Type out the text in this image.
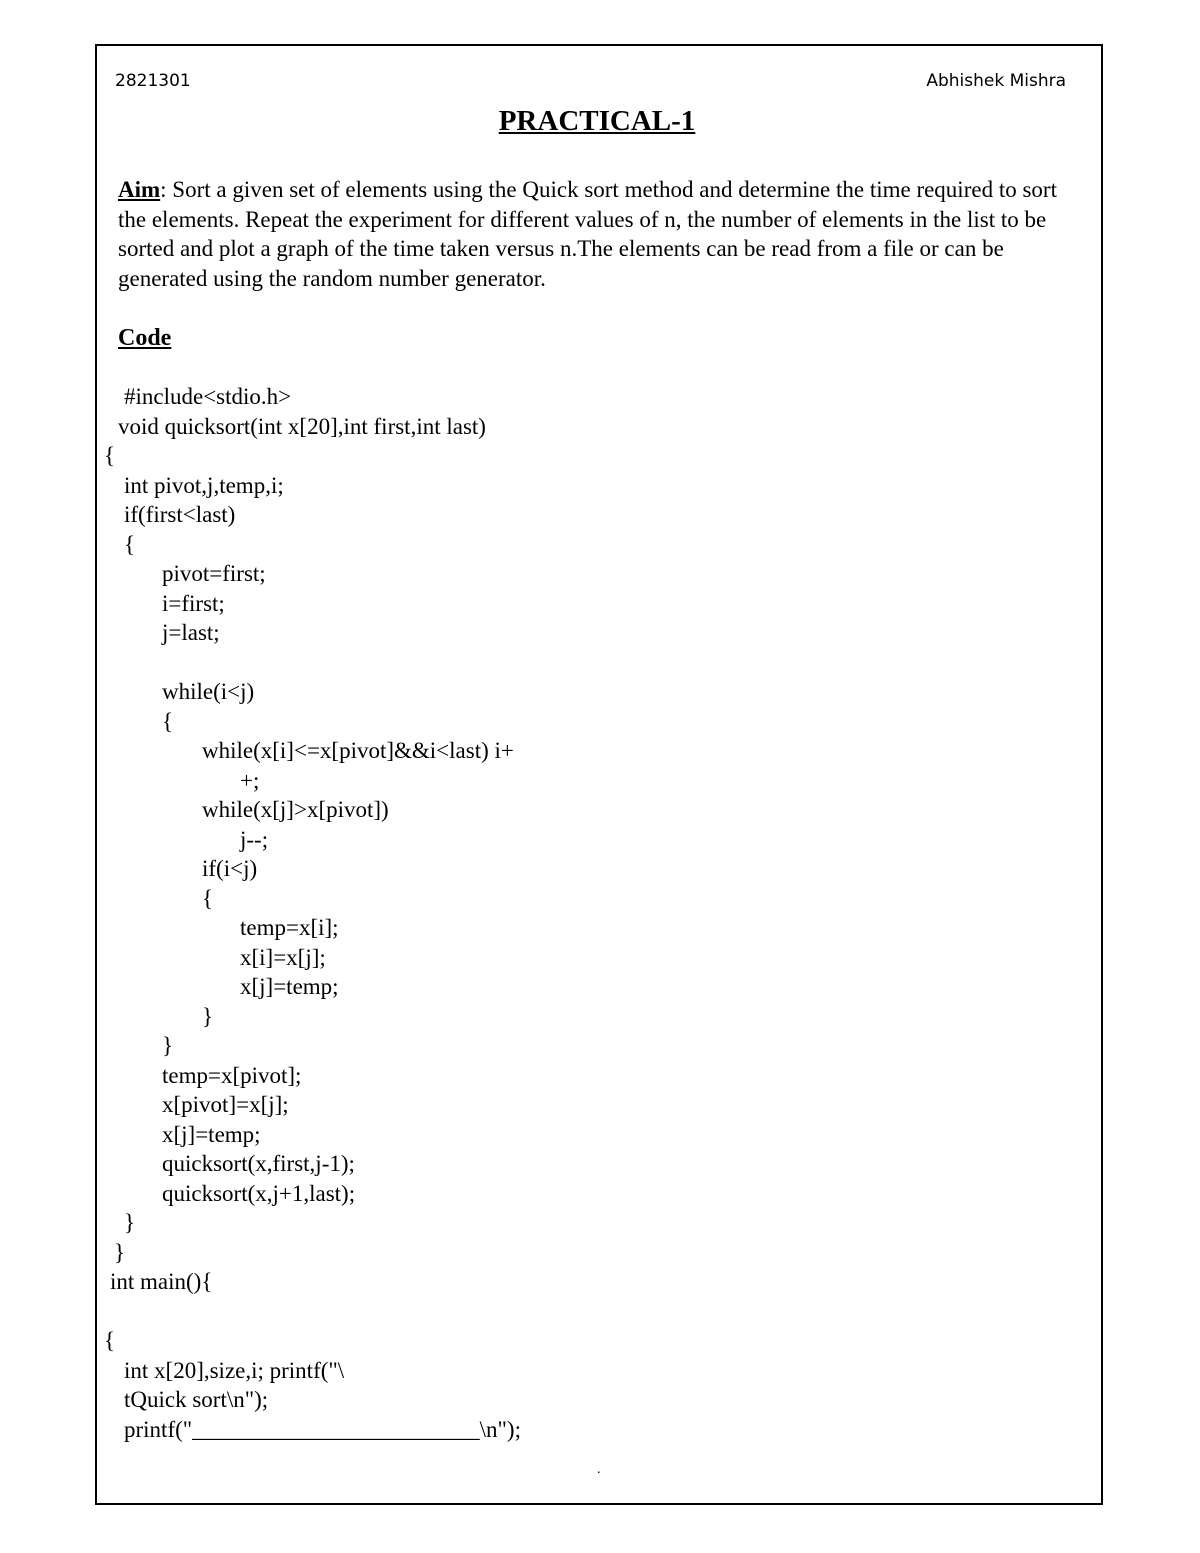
2821301	Abhishek Mishra
PRACTICAL-1

Aim: Sort a given set of elements using the Quick sort method and determine the time required to sort the elements. Repeat the experiment for different values of n, the number of elements in the list to be sorted and plot a graph of the time taken versus n.The elements can be read from a file or can be generated using the random number generator.

Code
#include<stdio.h>
void quicksort(int x[20],int first,int last)
{
int pivot,j,temp,i;
if(first<last)
{
pivot=first;
i=first;
j=last;
while(i<j)
{
while(x[i]<=x[pivot]&&i<last) i+
+;
while(x[j]>x[pivot])
j--;
if(i<j)
{
temp=x[i];
x[i]=x[j];
x[j]=temp;
}
}
temp=x[pivot];
x[pivot]=x[j];
x[j]=temp;
quicksort(x,first,j-1);
quicksort(x,j+1,last);
}
}
int main(){
{
int x[20],size,i; printf("\
tQuick sort\n");
printf("_________________________\n");
.
